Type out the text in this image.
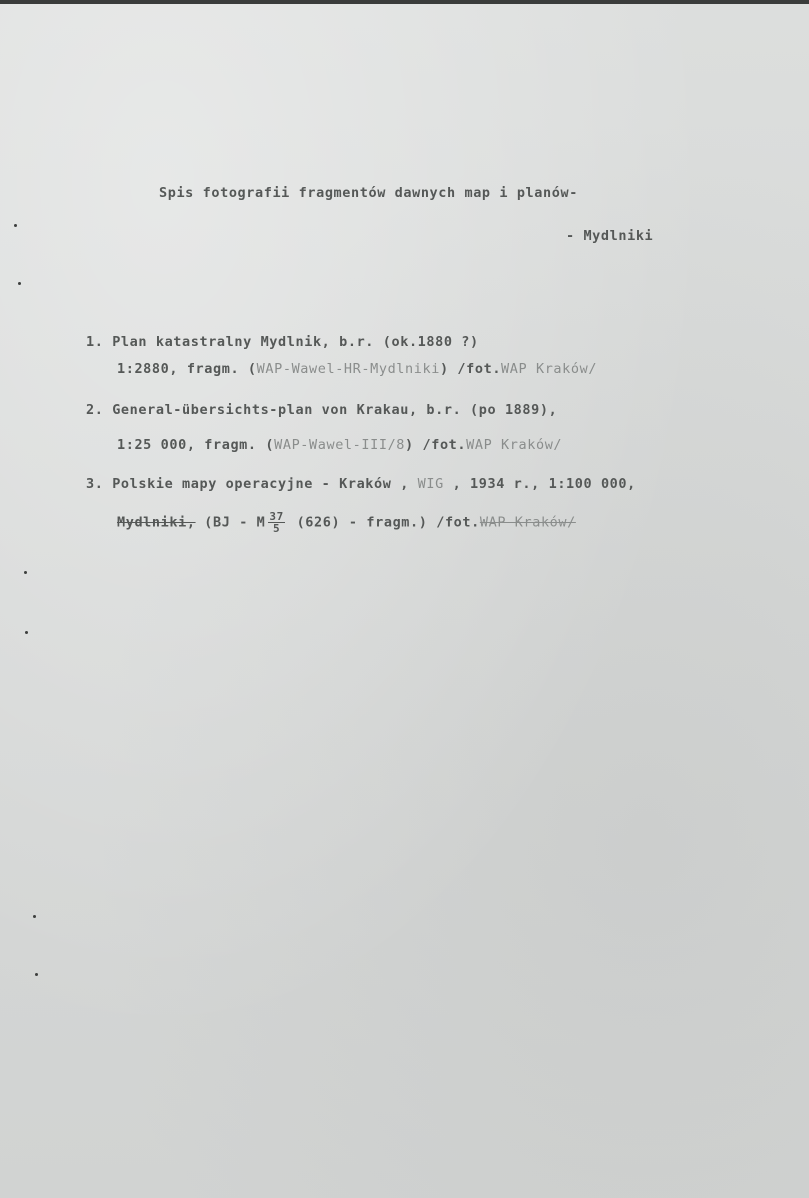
Spis fotografii fragmentów dawnych map i planów-
- Mydlniki
1. Plan katastralny Mydlnik, b.r. (ok.1880 ?)
1:2880, fragm. (WAP-Wawel-HR-Mydlniki) /fot.WAP Kraków/
2. General-übersichts-plan von Krakau, b.r. (po 1889),
1:25 000, fragm. (WAP-Wawel-III/8) /fot.WAP Kraków/
3. Polskie mapy operacyjne - Kraków , WIG , 1934 r., 1:100 000,
Mydlniki, (BJ - M $\frac{37}{5} (626)$ - fragm.) /fot.WAP Kraków/
